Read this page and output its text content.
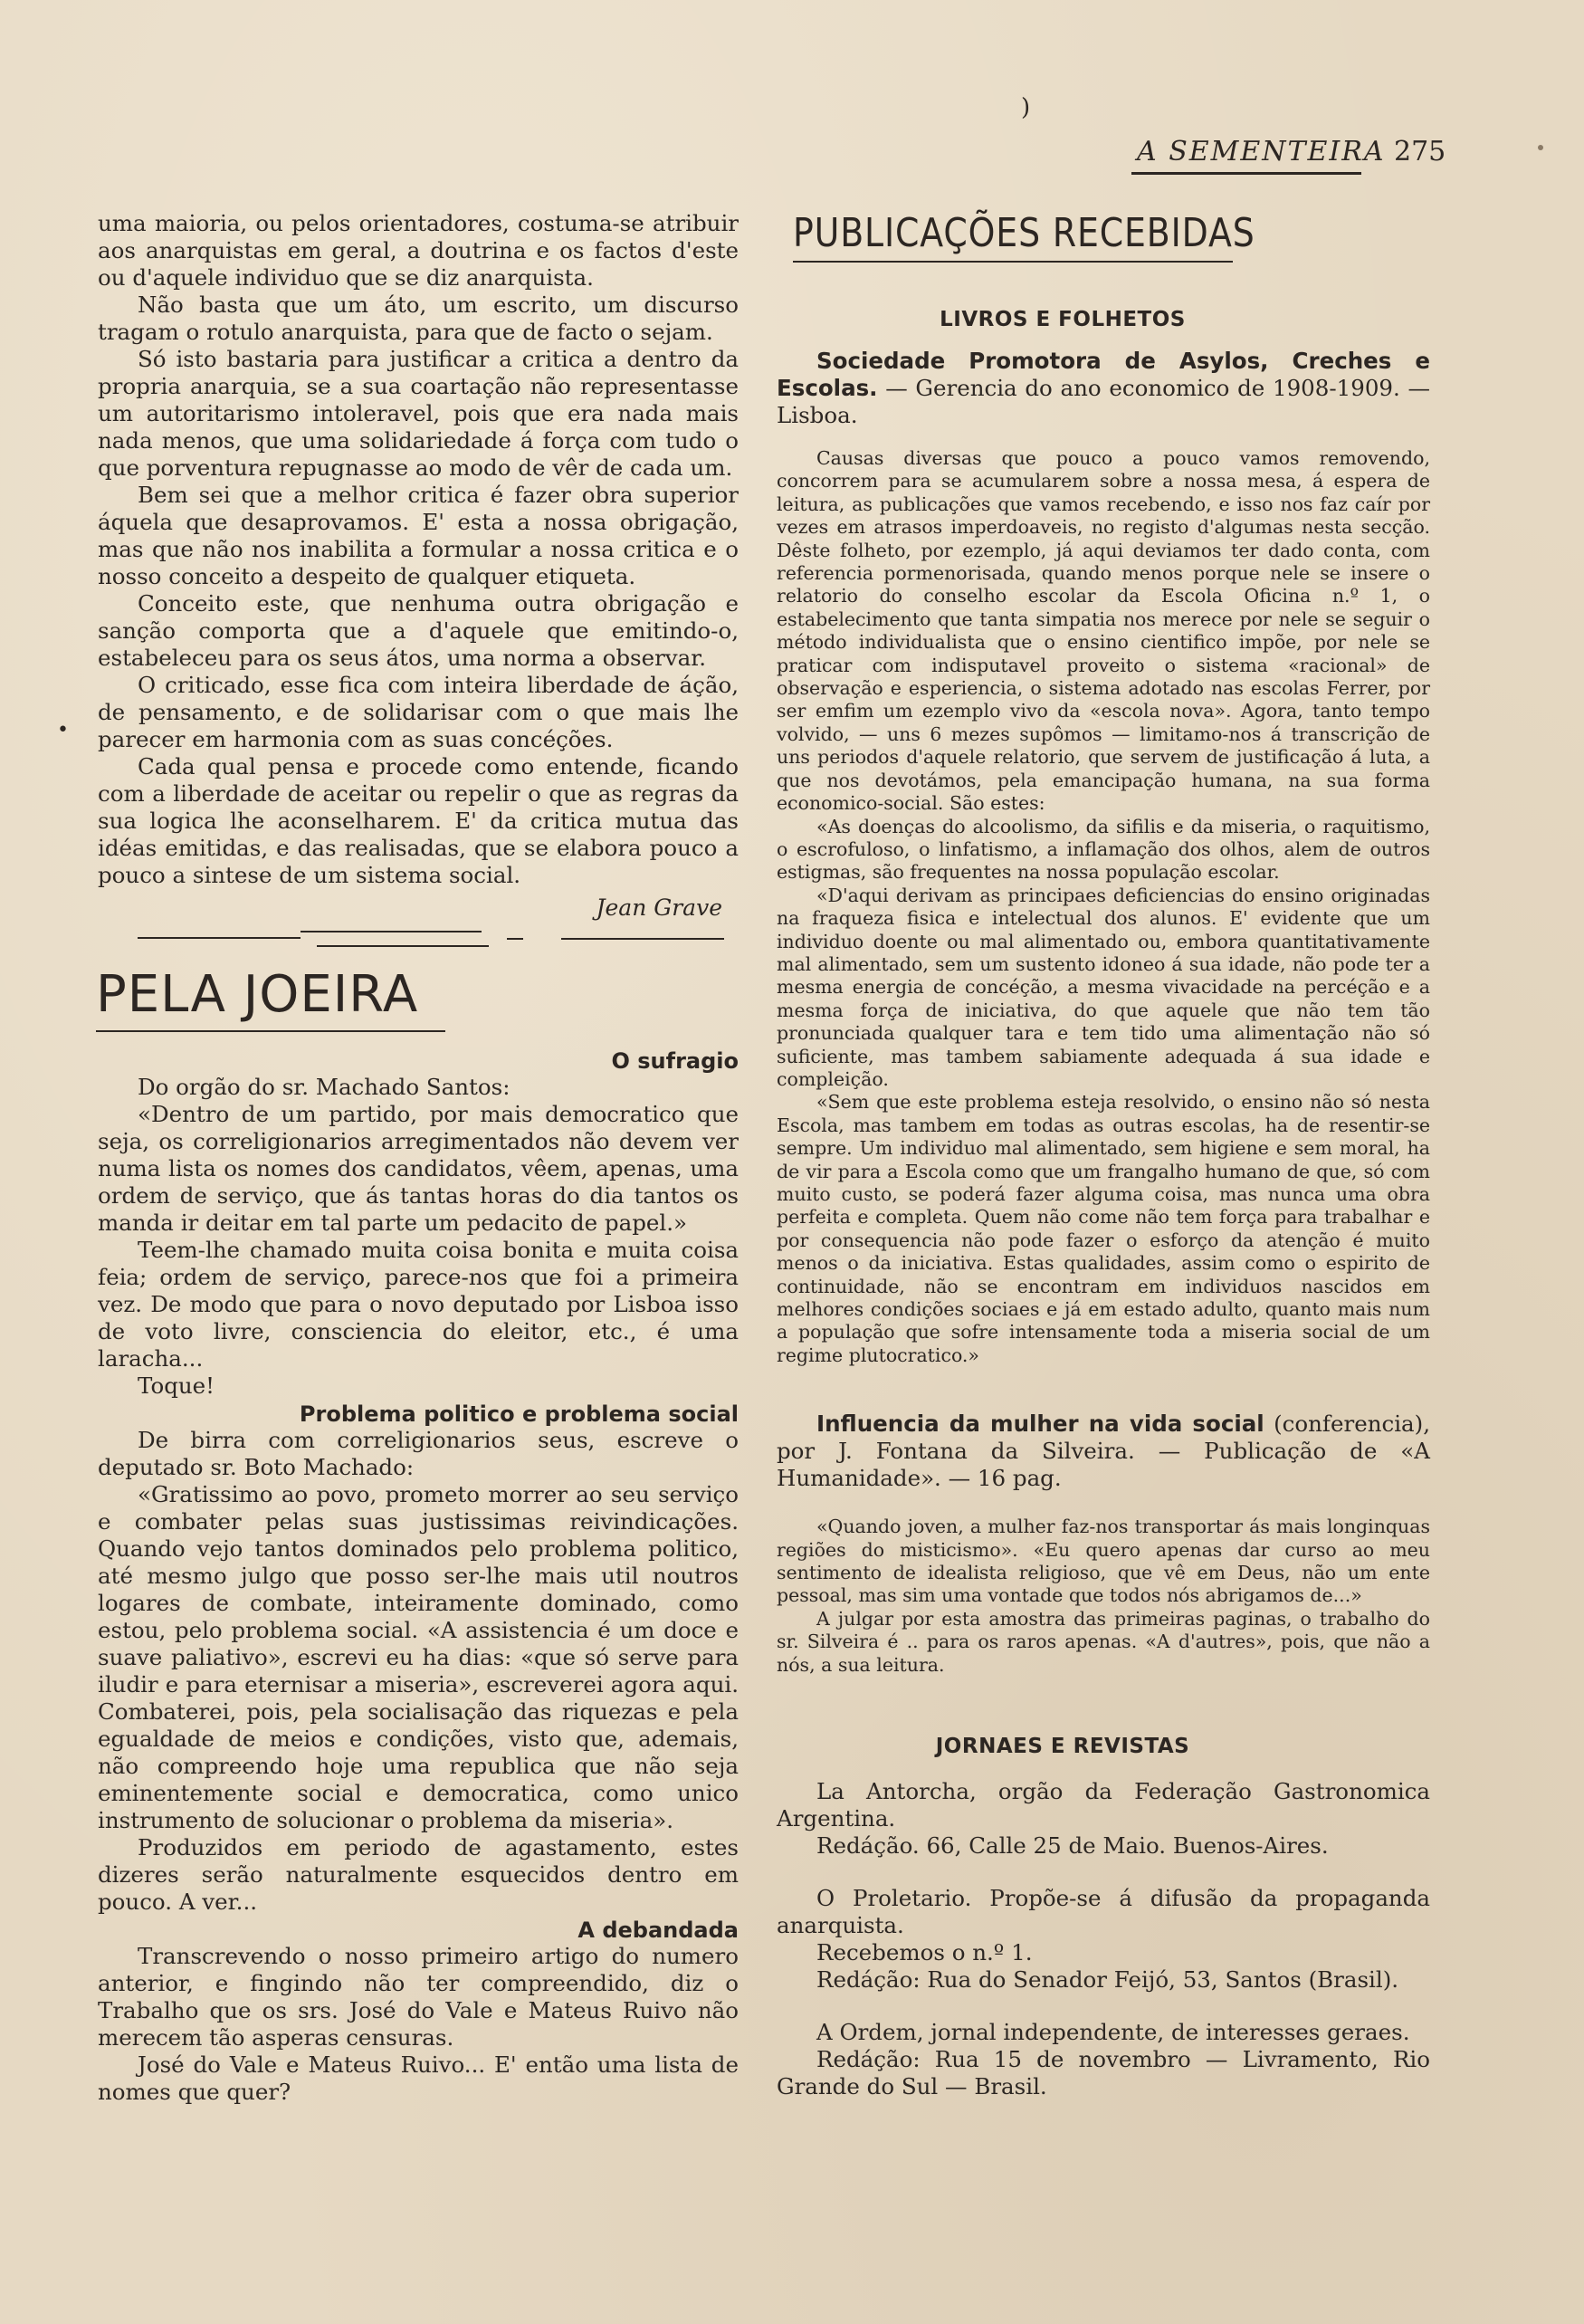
)
A SEMENTEIRA 275
•

uma maioria, ou pelos orientadores, costuma-se atribuir aos anarquistas em geral, a doutrina e os factos d'este ou d'aquele individuo que se diz anarquista.

Não basta que um áto, um escrito, um discurso tragam o rotulo anarquista, para que de facto o sejam.

Só isto bastaria para justificar a critica a dentro da propria anarquia, se a sua coartação não representasse um autoritarismo intoleravel, pois que era nada mais nada menos, que uma solidariedade á força com tudo o que porventura repugnasse ao modo de vêr de cada um.

Bem sei que a melhor critica é fazer obra superior áquela que desaprovamos. E' esta a nossa obrigação, mas que não nos inabilita a formular a nossa critica e o nosso conceito a despeito de qualquer etiqueta.

Conceito este, que nenhuma outra obrigação e sanção comporta que a d'aquele que emitindo-o, estabeleceu para os seus átos, uma norma a observar.

O criticado, esse fica com inteira liberdade de áção, de pensamento, e de solidarisar com o que mais lhe parecer em harmonia com as suas concéções.

Cada qual pensa e procede como entende, ficando com a liberdade de aceitar ou repelir o que as regras da sua logica lhe aconselharem. E' da critica mutua das idéas emitidas, e das realisadas, que se elabora pouco a pouco a sintese de um sistema social.

Jean Grave
PELA JOEIRA
O sufragio

Do orgão do sr. Machado Santos:

«Dentro de um partido, por mais democratico que seja, os correligionarios arregimentados não devem ver numa lista os nomes dos candidatos, vêem, apenas, uma ordem de serviço, que ás tantas horas do dia tantos os manda ir deitar em tal parte um pedacito de papel.»

Teem-lhe chamado muita coisa bonita e muita coisa feia; ordem de serviço, parece-nos que foi a primeira vez. De modo que para o novo deputado por Lisboa isso de voto livre, consciencia do eleitor, etc., é uma laracha...

Toque!

Problema politico e problema social

De birra com correligionarios seus, escreve o deputado sr. Boto Machado:

«Gratissimo ao povo, prometo morrer ao seu serviço e combater pelas suas justissimas reivindicações. Quando vejo tantos dominados pelo problema politico, até mesmo julgo que posso ser-lhe mais util noutros logares de combate, inteiramente dominado, como estou, pelo problema social. «A assistencia é um doce e suave paliativo», escrevi eu ha dias: «que só serve para iludir e para eternisar a miseria», escreverei agora aqui. Combaterei, pois, pela socialisação das riquezas e pela egualdade de meios e condições, visto que, ademais, não compreendo hoje uma republica que não seja eminentemente social e democratica, como unico instrumento de solucionar o problema da miseria».

Produzidos em periodo de agastamento, estes dizeres serão naturalmente esquecidos dentro em pouco. A ver...

A debandada

Transcrevendo o nosso primeiro artigo do numero anterior, e fingindo não ter compreendido, diz o Trabalho que os srs. José do Vale e Mateus Ruivo não merecem tão asperas censuras.

José do Vale e Mateus Ruivo... E' então uma lista de nomes que quer?

PUBLICAÇÕES RECEBIDAS
LIVROS E FOLHETOS

Sociedade Promotora de Asylos, Creches e Escolas. — Gerencia do ano economico de 1908-1909. — Lisboa.

Causas diversas que pouco a pouco vamos removendo, concorrem para se acumularem sobre a nossa mesa, á espera de leitura, as publicações que vamos recebendo, e isso nos faz caír por vezes em atrasos imperdoaveis, no registo d'algumas nesta secção. Dêste folheto, por ezemplo, já aqui deviamos ter dado conta, com referencia pormenorisada, quando menos porque nele se insere o relatorio do conselho escolar da Escola Oficina n.º 1, o estabelecimento que tanta simpatia nos merece por nele se seguir o método individualista que o ensino cientifico impõe, por nele se praticar com indisputavel proveito o sistema «racional» de observação e esperiencia, o sistema adotado nas escolas Ferrer, por ser emfim um ezemplo vivo da «escola nova». Agora, tanto tempo volvido, — uns 6 mezes supômos — limitamo-nos á transcrição de uns periodos d'aquele relatorio, que servem de justificação á luta, a que nos devotámos, pela emancipação humana, na sua forma economico-social. São estes:

«As doenças do alcoolismo, da sifilis e da miseria, o raquitismo, o escrofuloso, o linfatismo, a inflamação dos olhos, alem de outros estigmas, são frequentes na nossa população escolar.

«D'aqui derivam as principaes deficiencias do ensino originadas na fraqueza fisica e intelectual dos alunos. E' evidente que um individuo doente ou mal alimentado ou, embora quantitativamente mal alimentado, sem um sustento idoneo á sua idade, não pode ter a mesma energia de concéção, a mesma vivacidade na percéção e a mesma força de iniciativa, do que aquele que não tem tão pronunciada qualquer tara e tem tido uma alimentação não só suficiente, mas tambem sabiamente adequada á sua idade e compleição.

«Sem que este problema esteja resolvido, o ensino não só nesta Escola, mas tambem em todas as outras escolas, ha de resentir-se sempre. Um individuo mal alimentado, sem higiene e sem moral, ha de vir para a Escola como que um frangalho humano de que, só com muito custo, se poderá fazer alguma coisa, mas nunca uma obra perfeita e completa. Quem não come não tem força para trabalhar e por consequencia não pode fazer o esforço da atenção é muito menos o da iniciativa. Estas qualidades, assim como o espirito de continuidade, não se encontram em individuos nascidos em melhores condições sociaes e já em estado adulto, quanto mais num a população que sofre intensamente toda a miseria social de um regime plutocratico.»

Influencia da mulher na vida social (conferencia), por J. Fontana da Silveira. — Publicação de «A Humanidade». — 16 pag.

«Quando joven, a mulher faz-nos transportar ás mais longinquas regiões do misticismo». «Eu quero apenas dar curso ao meu sentimento de idealista religioso, que vê em Deus, não um ente pessoal, mas sim uma vontade que todos nós abrigamos de...»

A julgar por esta amostra das primeiras paginas, o trabalho do sr. Silveira é .. para os raros apenas. «A d'autres», pois, que não a nós, a sua leitura.

JORNAES E REVISTAS

La Antorcha, orgão da Federação Gastronomica Argentina.

Redáção. 66, Calle 25 de Maio. Buenos-Aires.

O Proletario. Propõe-se á difusão da propaganda anarquista.

Recebemos o n.º 1.

Redáção: Rua do Senador Feijó, 53, Santos (Brasil).

A Ordem, jornal independente, de interesses geraes.

Redáção: Rua 15 de novembro — Livramento, Rio Grande do Sul — Brasil.
